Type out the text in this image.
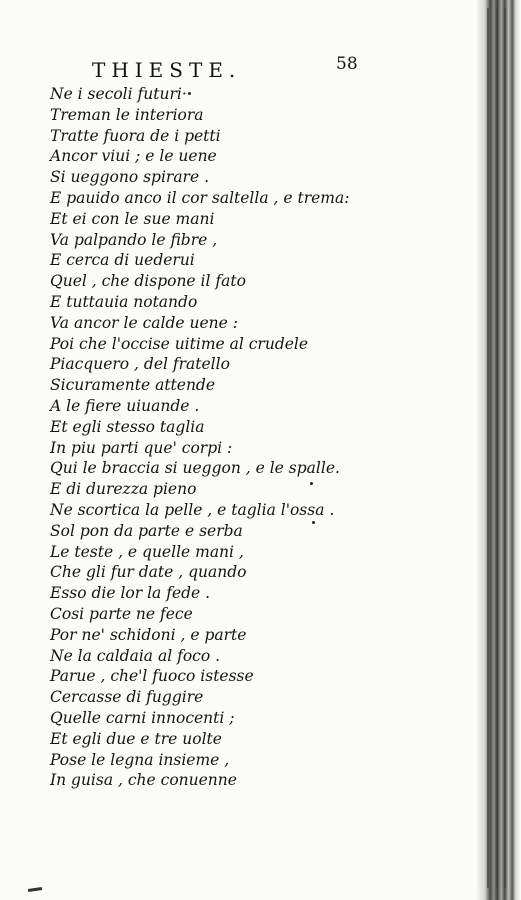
THIESTE.	58
Ne i secoli futuri·
Treman le interiora
Tratte fuora de i petti
Ancor viui ; e le uene
Si ueggono spirare .
E pauido anco il cor saltella , e trema:
Et ei con le sue mani
Va palpando le fibre ,
E cerca di uederui
Quel , che dispone il fato
E tuttauia notando
Va ancor le calde uene :
Poi che l'occise uitime al crudele
Piacquero , del fratello
Sicuramente attende
A le fiere uiuande .
Et egli stesso taglia
In piu parti que' corpi :
Qui le braccia si ueggon , e le spalle.
E di durezza pieno
Ne scortica la pelle , e taglia l'ossa .
Sol pon da parte e serba
Le teste , e quelle mani ,
Che gli fur date , quando
Esso die lor la fede .
Cosi parte ne fece
Por ne' schidoni , e parte
Ne la caldaia al foco .
Parue , che'l fuoco istesse
Cercasse di fuggire
Quelle carni innocenti ;
Et egli due e tre uolte
Pose le legna insieme ,
In guisa , che conuenne
